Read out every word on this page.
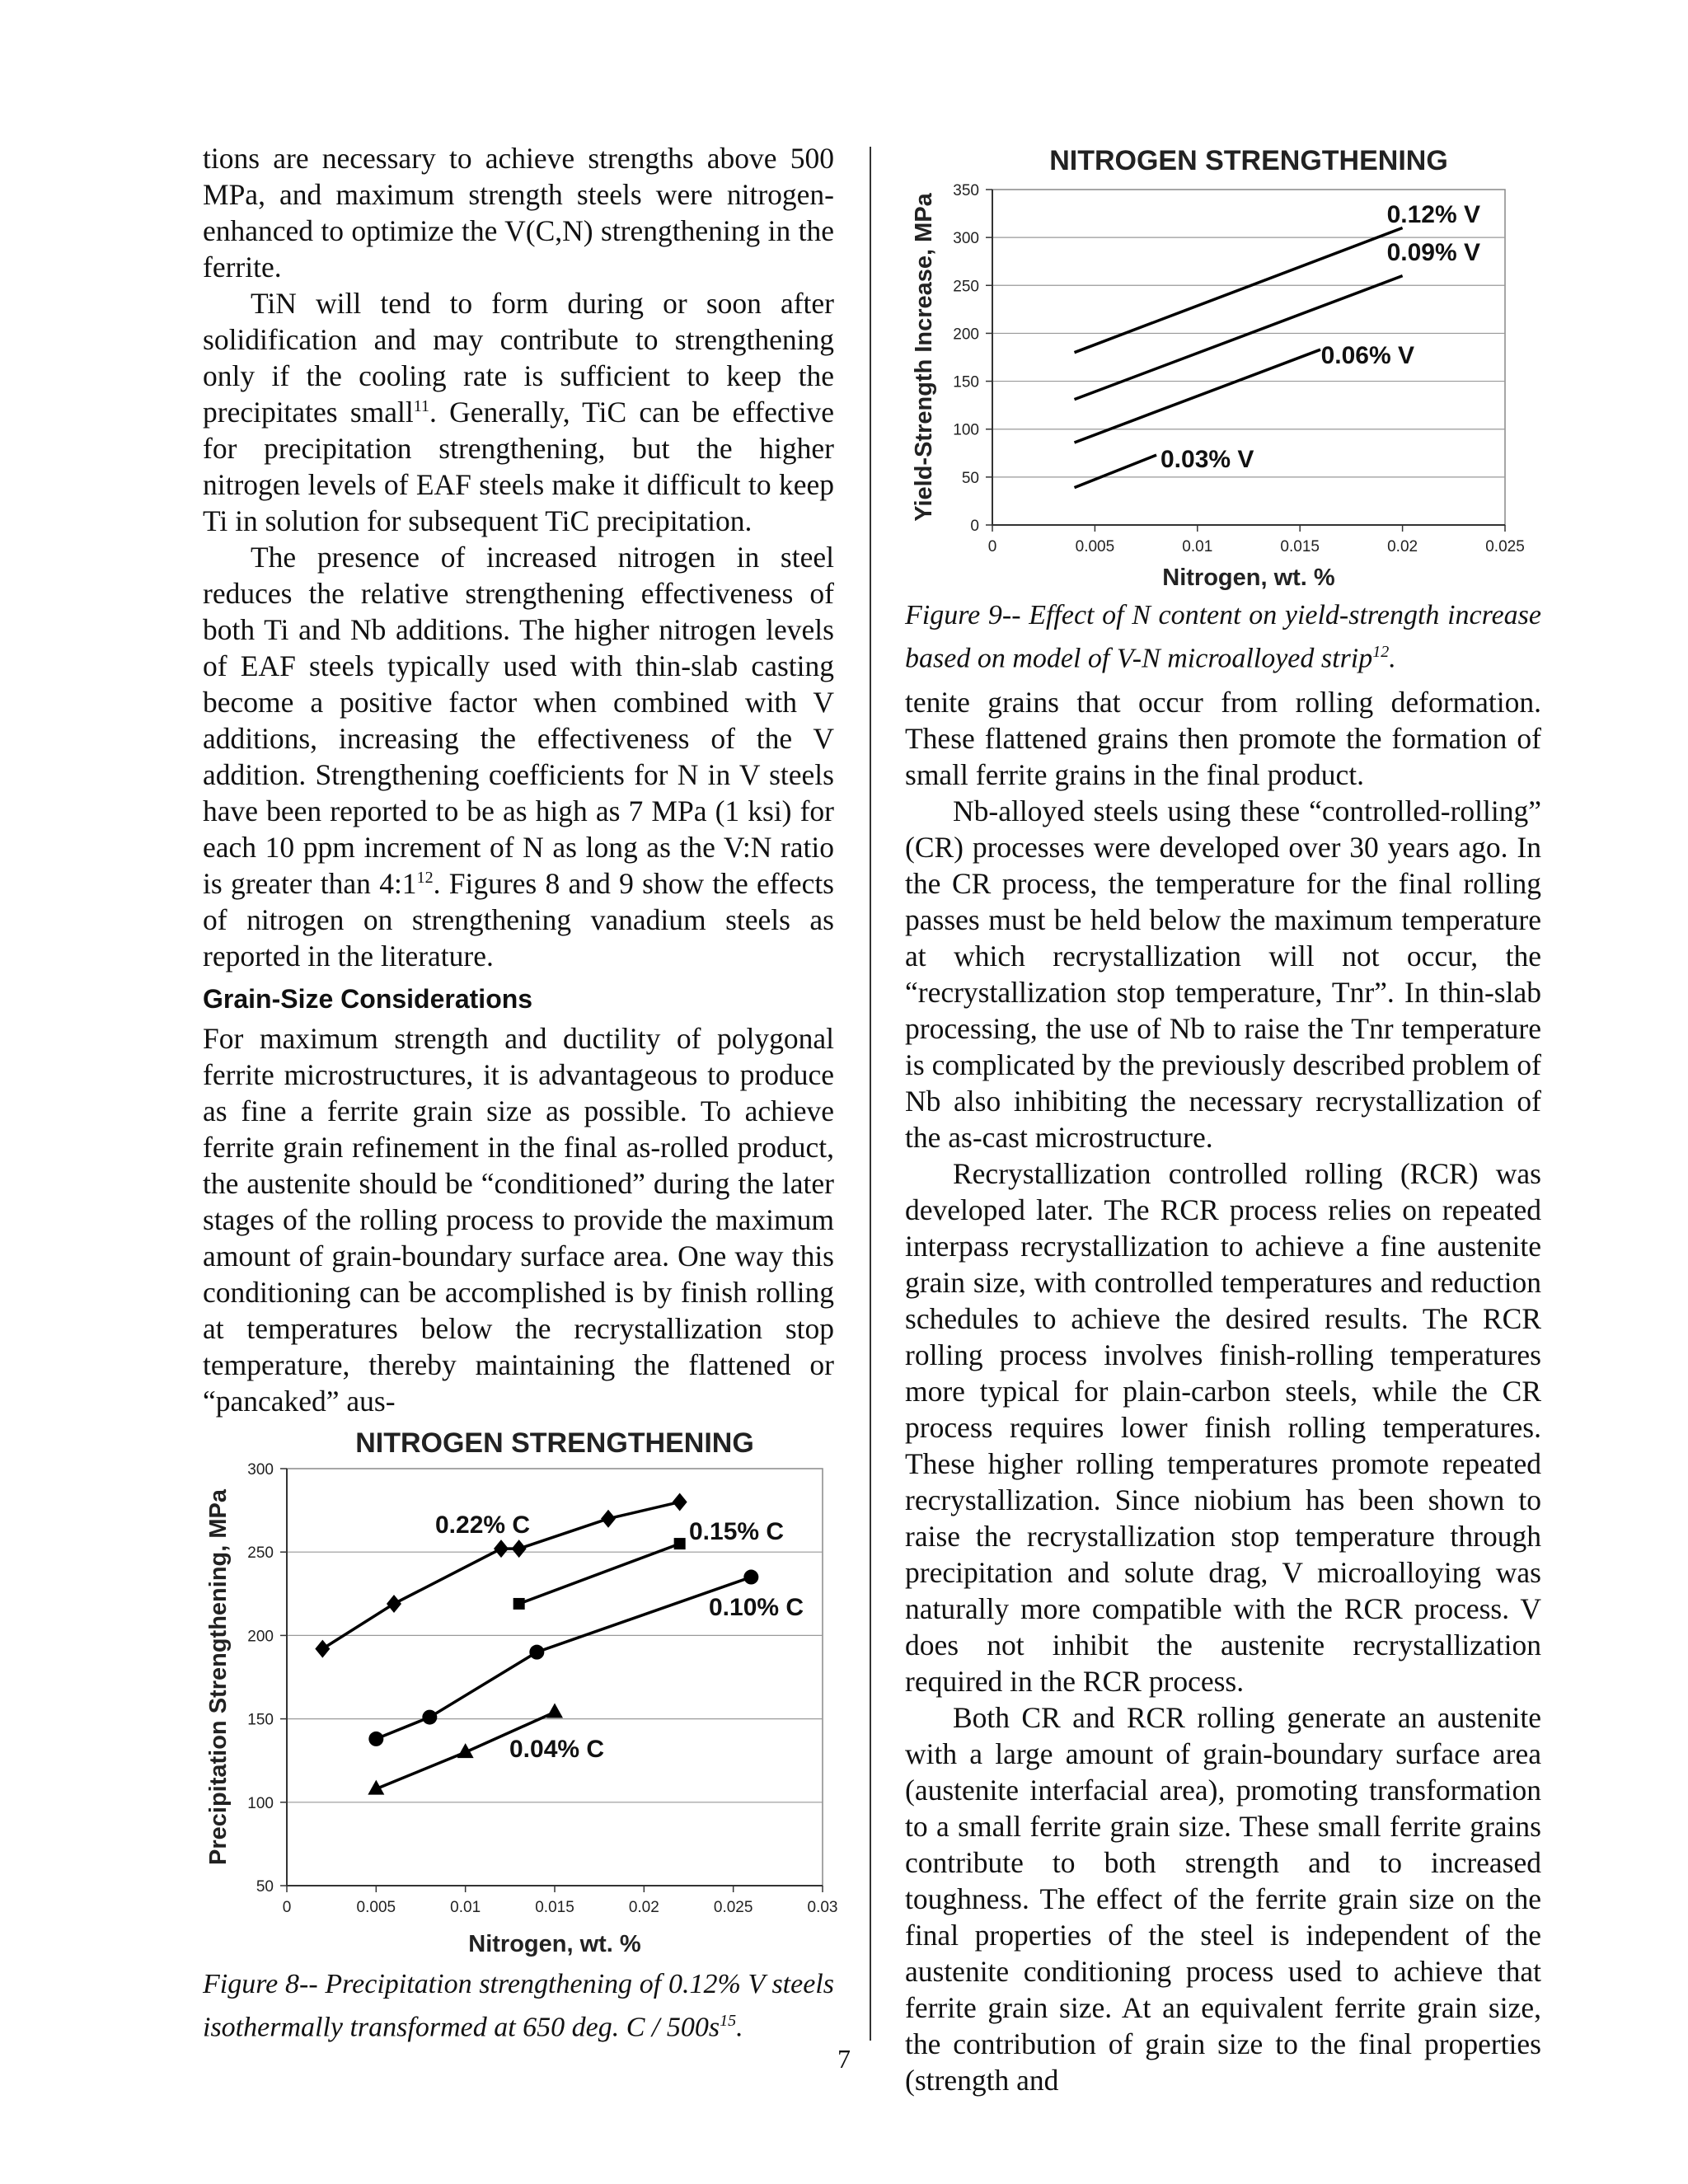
tions are necessary to achieve strengths above 500 MPa, and maximum strength steels were nitrogen-enhanced to optimize the V(C,N) strengthening in the ferrite.

TiN will tend to form during or soon after solidification and may contribute to strengthening only if the cooling rate is sufficient to keep the precipitates small$^{11}$. Generally, TiC can be effective for precipitation strengthening, but the higher nitrogen levels of EAF steels make it difficult to keep Ti in solution for subsequent TiC precipitation.

The presence of increased nitrogen in steel reduces the relative strengthening effectiveness of both Ti and Nb additions. The higher nitrogen levels of EAF steels typically used with thin-slab casting become a positive factor when combined with V additions, increasing the effectiveness of the V addition. Strengthening coefficients for N in V steels have been reported to be as high as 7 MPa (1 ksi) for each 10 ppm increment of N as long as the V:N ratio is greater than $4:1^{12}$. Figures 8 and 9 show the effects of nitrogen on strengthening vanadium steels as reported in the literature.

Grain-Size Considerations

For maximum strength and ductility of polygonal ferrite microstructures, it is advantageous to produce as fine a ferrite grain size as possible. To achieve ferrite grain refinement in the final as-rolled product, the austenite should be “conditioned” during the later stages of the rolling process to provide the maximum amount of grain-boundary surface area. One way this conditioning can be accomplished is by finish rolling at temperatures below the recrystallization stop temperature, thereby maintaining the flattened or “pancaked” aus-

NITROGEN STRENGTHENING
50
100
150
200
250
300
0	0.005	0.01	0.015	0.02	0.025	0.03
Nitrogen, wt. %
Precipitation Strengthening, MPa	0.22% C	0.15% C
0.10% C
0.04% C
Figure 8-- Precipitation strengthening of 0.12% V steels isothermally transformed at 650 deg. C / $500s^{15}$.
NITROGEN STRENGTHENING
0
50
100
150
200
250
300
350
0	0.005	0.01	0.015	0.02	0.025
Nitrogen, wt. %
Yield-Strength Increase, MPa	0.12% V
0.09% V
0.06% V
0.03% V
Figure 9-- Effect of N content on yield-strength increase based on model of V-N microalloyed strip$^{12}$.

tenite grains that occur from rolling deformation. These flattened grains then promote the formation of small ferrite grains in the final product.

Nb-alloyed steels using these “controlled-rolling” (CR) processes were developed over 30 years ago. In the CR process, the temperature for the final rolling passes must be held below the maximum temperature at which recrystallization will not occur, the “recrystallization stop temperature, Tnr”. In thin-slab processing, the use of Nb to raise the Tnr temperature is complicated by the previously described problem of Nb also inhibiting the necessary recrystallization of the as-cast microstructure.

Recrystallization controlled rolling (RCR) was developed later. The RCR process relies on repeated interpass recrystallization to achieve a fine austenite grain size, with controlled temperatures and reduction schedules to achieve the desired results. The RCR rolling process involves finish-rolling temperatures more typical for plain-carbon steels, while the CR process requires lower finish rolling temperatures. These higher rolling temperatures promote repeated recrystallization. Since niobium has been shown to raise the recrystallization stop temperature through precipitation and solute drag, V microalloying was naturally more compatible with the RCR process. V does not inhibit the austenite recrystallization required in the RCR process.

Both CR and RCR rolling generate an austenite with a large amount of grain-boundary surface area (austenite interfacial area), promoting transformation to a small ferrite grain size. These small ferrite grains contribute to both strength and to increased toughness. The effect of the ferrite grain size on the final properties of the steel is independent of the austenite conditioning process used to achieve that ferrite grain size. At an equivalent ferrite grain size, the contribution of grain size to the final properties (strength and

7
